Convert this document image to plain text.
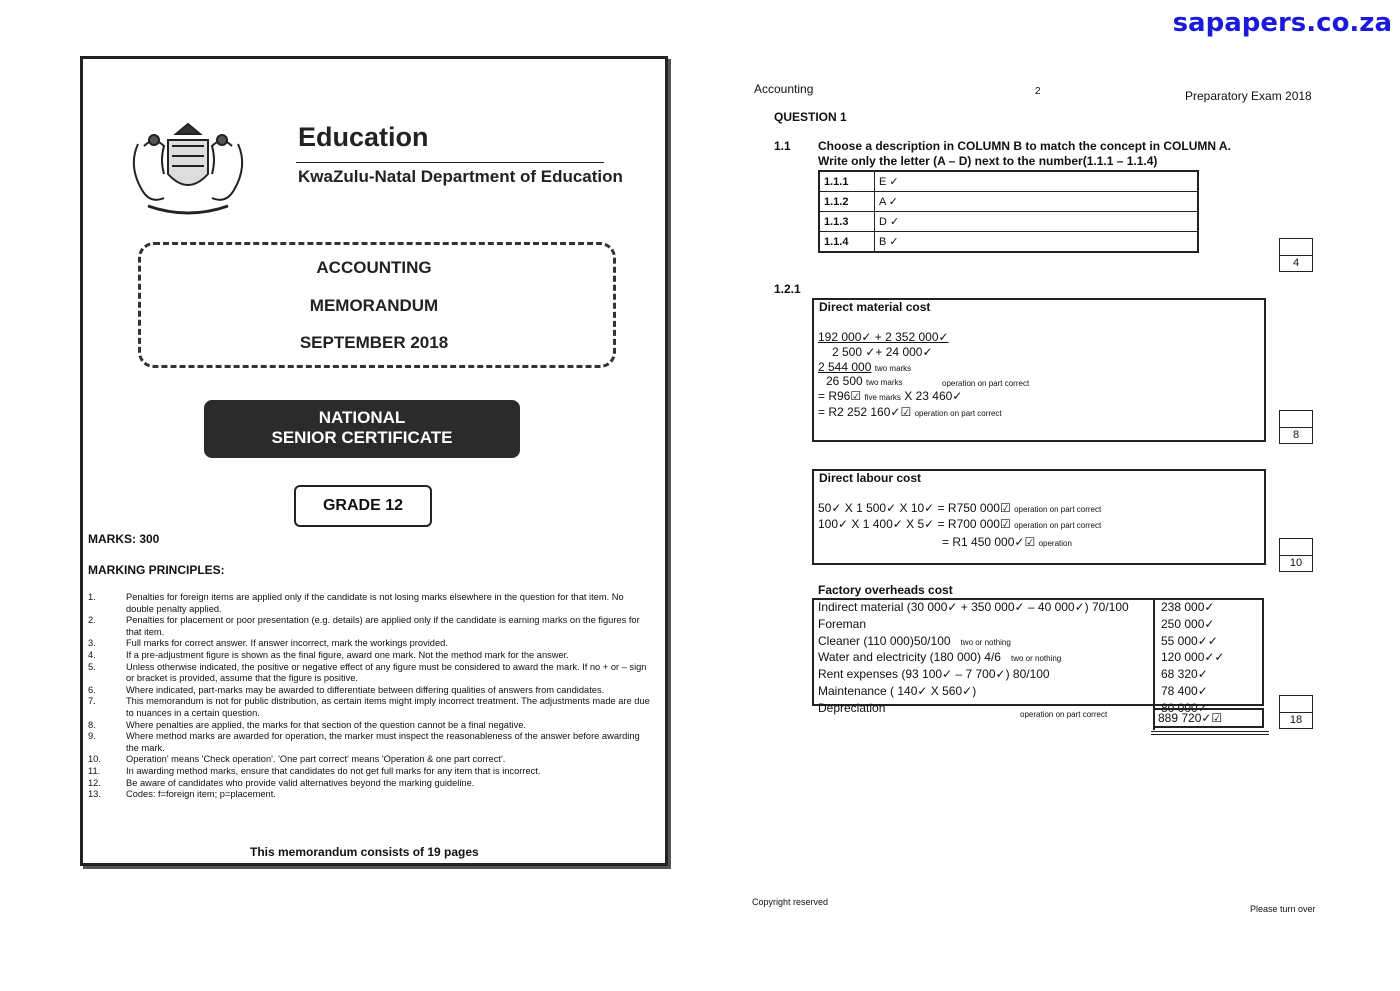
sapapers.co.za
Education
KwaZulu-Natal Department of Education
ACCOUNTING
MEMORANDUM
SEPTEMBER 2018
NATIONAL
SENIOR CERTIFICATE
GRADE 12
MARKS: 300
MARKING PRINCIPLES:
1.	Penalties for foreign items are applied only if the candidate is not losing marks elsewhere in the question for that item. No double penalty applied.
2.	Penalties for placement or poor presentation (e.g. details) are applied only if the candidate is earning marks on the figures for that item.
3.	Full marks for correct answer. If answer incorrect, mark the workings provided.
4.	If a pre-adjustment figure is shown as the final figure, award one mark. Not the method mark for the answer.
5.	Unless otherwise indicated, the positive or negative effect of any figure must be considered to award the mark. If no + or – sign or bracket is provided, assume that the figure is positive.
6.	Where indicated, part-marks may be awarded to differentiate between differing qualities of answers from candidates.
7.	This memorandum is not for public distribution, as certain items might imply incorrect treatment. The adjustments made are due to nuances in a certain question.
8.	Where penalties are applied, the marks for that section of the question cannot be a final negative.
9.	Where method marks are awarded for operation, the marker must inspect the reasonableness of the answer before awarding the mark.
10.	Operation' means 'Check operation'. 'One part correct' means 'Operation & one part correct'.
11.	In awarding method marks, ensure that candidates do not get full marks for any item that is incorrect.
12.	Be aware of candidates who provide valid alternatives beyond the marking guideline.
13.	Codes: f=foreign item; p=placement.
This memorandum consists of 19 pages
Accounting	2	Preparatory Exam 2018
QUESTION 1
1.1 Choose a description in COLUMN B to match the concept in COLUMN A.
Write only the letter (A – D) next to the number(1.1.1 – 1.1.4)
1.1.1	E ✓
1.1.2	A ✓
1.1.3	D ✓
1.1.4	B ✓
4
1.2.1
Direct material cost
192 000✓ + 2 352 000✓
2 500 ✓+ 24 000✓
2 544 000 two marks
26 500 two marks	operation on part correct
= R96☑ five marks X 23 460✓
= R2 252 160✓☑ operation on part correct
8
Direct labour cost
50✓ X 1 500✓ X 10✓ = R750 000☑ operation on part correct
100✓ X 1 400✓ X 5✓ = R700 000☑ operation on part correct
= R1 450 000✓☑ operation
10
Factory overheads cost
Indirect material (30 000✓ + 350 000✓ – 40 000✓) 70/100	238 000✓
Foreman	250 000✓
Cleaner (110 000)50/100 two or nothing	55 000✓✓
Water and electricity (180 000) 4/6 two or nothing	120 000✓✓
Rent expenses (93 100✓ – 7 700✓) 80/100	68 320✓
Maintenance ( 140✓ X 560✓)	78 400✓
Depreciation	80 000✓
operation on part correct	889 720✓☑	18
Copyright reserved
Please turn over
